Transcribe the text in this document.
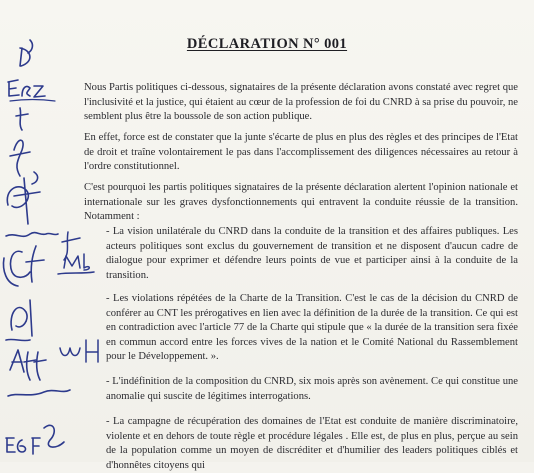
DÉCLARATION N° 001

Nous Partis politiques ci-dessous, signataires de la présente déclaration avons constaté avec regret que l'inclusivité et la justice, qui étaient au cœur de la profession de foi du CNRD à sa prise du pouvoir, ne semblent plus être la boussole de son action publique.

En effet, force est de constater que la junte s'écarte de plus en plus des règles et des principes de l'Etat de droit et traîne volontairement le pas dans l'accomplissement des diligences nécessaires au retour à l'ordre constitutionnel.

C'est pourquoi les partis politiques signataires de la présente déclaration alertent l'opinion nationale et internationale sur les graves dysfonctionnements qui entravent la conduite réussie de la transition. Notamment :

- La vision unilatérale du CNRD dans la conduite de la transition et des affaires publiques. Les acteurs politiques sont exclus du gouvernement de transition et ne disposent d'aucun cadre de dialogue pour exprimer et défendre leurs points de vue et participer ainsi à la conduite de la transition.

- Les violations répétées de la Charte de la Transition. C'est le cas de la décision du CNRD de conférer au CNT les prérogatives en lien avec la définition de la durée de la transition. Ce qui est en contradiction avec l'article 77 de la Charte qui stipule que « la durée de la transition sera fixée en commun accord entre les forces vives de la nation et le Comité National du Rassemblement pour le Développement. ».

- L'indéfinition de la composition du CNRD, six mois après son avènement. Ce qui constitue une anomalie qui suscite de légitimes interrogations.

- La campagne de récupération des domaines de l'Etat est conduite de manière discriminatoire, violente et en dehors de toute règle et procédure légales . Elle est, de plus en plus, perçue au sein de la population comme un moyen de discréditer et d'humilier des leaders politiques ciblés et d'honnêtes citoyens qui
